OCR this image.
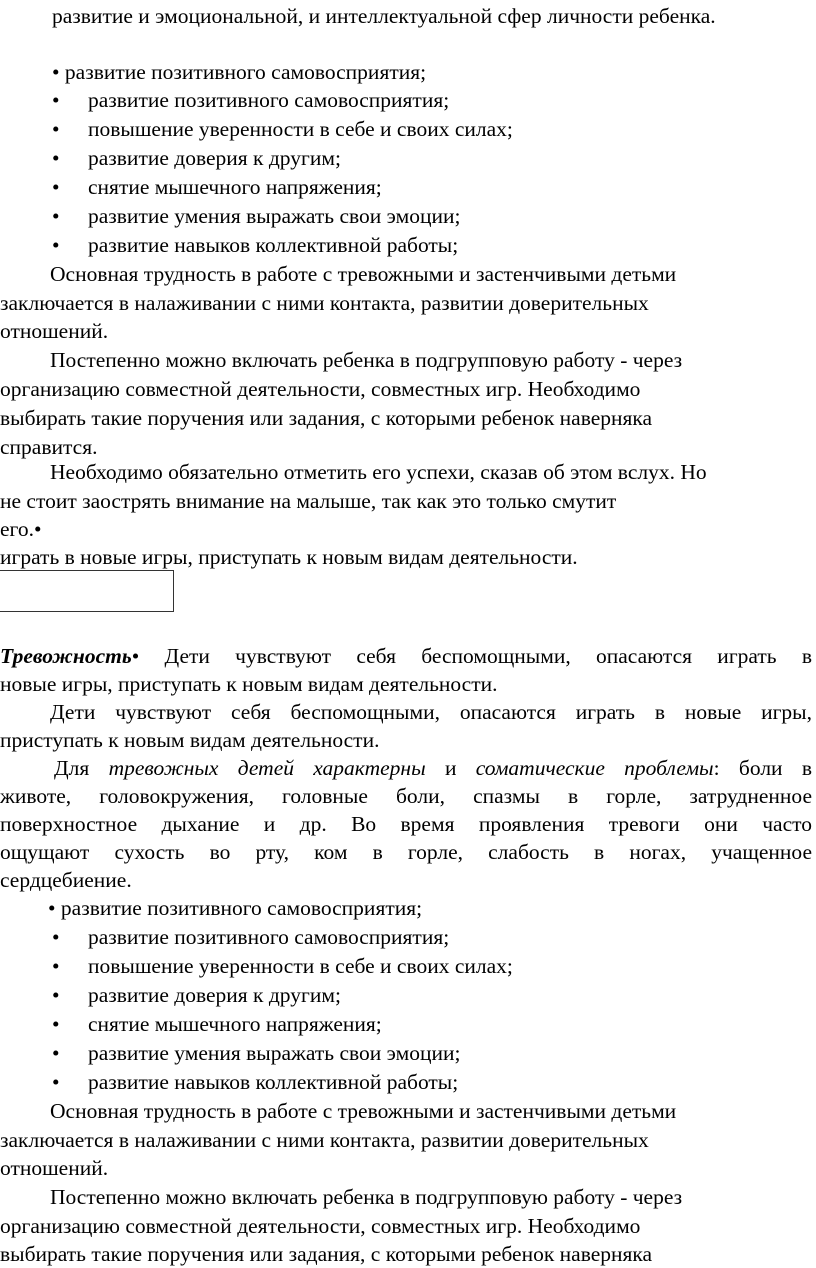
развитие и эмоциональной, и интеллектуальной сфер личности ребенка.
• развитие позитивного самовосприятия;
• развитие позитивного самовосприятия;
• повышение уверенности в себе и своих силах;
• развитие доверия к другим;
• снятие мышечного напряжения;
• развитие умения выражать свои эмоции;
• развитие навыков коллективной работы;
Основная трудность в работе с тревожными и застенчивыми детьми
заключается в налаживании с ними контакта, развитии доверительных
отношений.
Постепенно можно включать ребенка в подгрупповую работу - через
организацию совместной деятельности, совместных игр. Необходимо
выбирать такие поручения или задания, с которыми ребенок наверняка
справится.
Необходимо обязательно отметить его успехи, сказав об этом вслух. Но
не стоит заострять внимание на малыше, так как это только смутит
его.•
играть в новые игры, приступать к новым видам деятельности.
Тревожность• Дети чувствуют себя беспомощными, опасаются играть в
новые игры, приступать к новым видам деятельности.
Дети чувствуют себя беспомощными, опасаются играть в новые игры,
приступать к новым видам деятельности.
Для тревожных детей характерны и соматические проблемы: боли в
животе, головокружения, головные боли, спазмы в горле, затрудненное
поверхностное дыхание и др. Во время проявления тревоги они часто
ощущают сухость во рту, ком в горле, слабость в ногах, учащенное
сердцебиение.
• развитие позитивного самовосприятия;
• развитие позитивного самовосприятия;
• повышение уверенности в себе и своих силах;
• развитие доверия к другим;
• снятие мышечного напряжения;
• развитие умения выражать свои эмоции;
• развитие навыков коллективной работы;
Основная трудность в работе с тревожными и застенчивыми детьми
заключается в налаживании с ними контакта, развитии доверительных
отношений.
Постепенно можно включать ребенка в подгрупповую работу - через
организацию совместной деятельности, совместных игр. Необходимо
выбирать такие поручения или задания, с которыми ребенок наверняка
